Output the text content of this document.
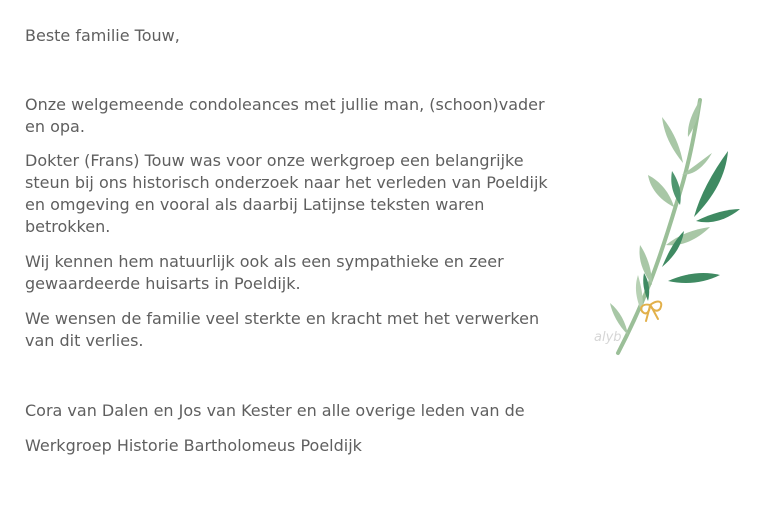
Beste familie Touw,
Onze welgemeende condoleances met jullie man, (schoon)vader
en opa.
Dokter (Frans) Touw was voor onze werkgroep een belangrijke
steun bij ons historisch onderzoek naar het verleden van Poeldijk
en omgeving en vooral als daarbij Latijnse teksten waren
betrokken.
Wij kennen hem natuurlijk ook als een sympathieke en zeer
gewaardeerde huisarts in Poeldijk.
We wensen de familie veel sterkte en kracht met het verwerken
van dit verlies.
Cora van Dalen en Jos van Kester en alle overige leden van de
Werkgroep Historie Bartholomeus Poeldijk
alyb
